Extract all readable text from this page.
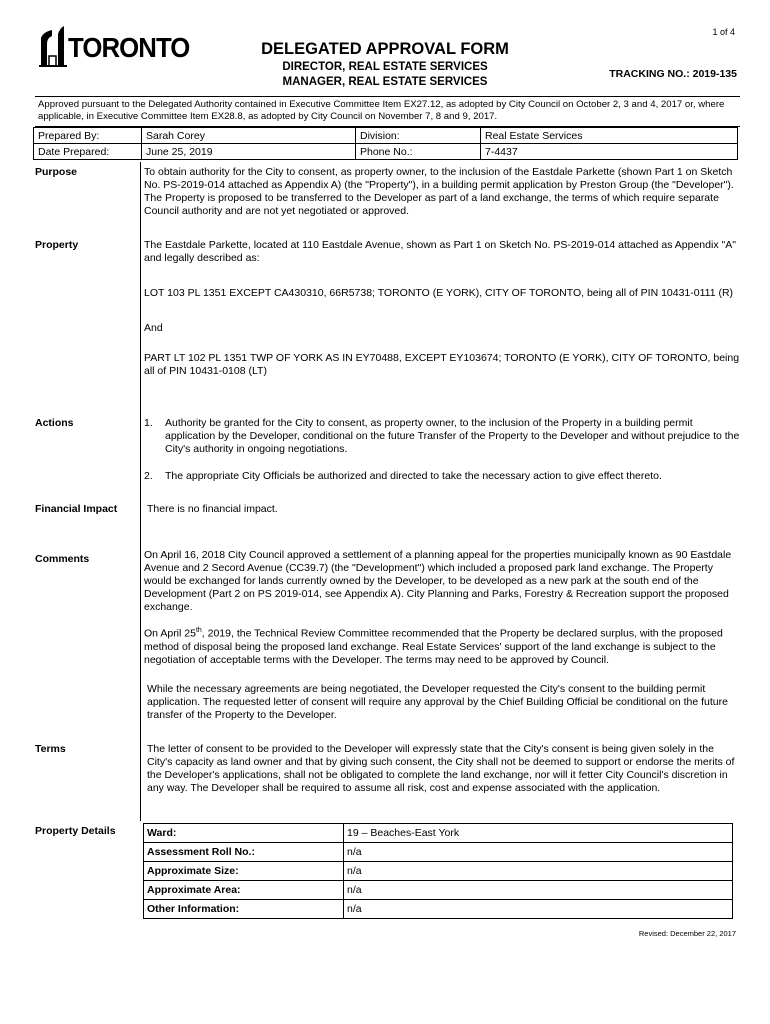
1 of 4
TORONTO	DELEGATED APPROVAL FORM
DIRECTOR, REAL ESTATE SERVICES
MANAGER, REAL ESTATE SERVICES
TRACKING NO.: 2019-135
Approved pursuant to the Delegated Authority contained in Executive Committee Item EX27.12, as adopted by City Council on October 2, 3 and 4, 2017 or, where applicable, in Executive Committee Item EX28.8, as adopted by City Council on November 7, 8 and 9, 2017.
Prepared By:	Sarah Corey	Division:	Real Estate Services
Date Prepared:	June 25, 2019	Phone No.:	7-4437
Purpose	To obtain authority for the City to consent, as property owner, to the inclusion of the Eastdale Parkette (shown Part 1 on Sketch No. PS-2019-014 attached as Appendix A) (the "Property"), in a building permit application by Preston Group (the "Developer"). The Property is proposed to be transferred to the Developer as part of a land exchange, the terms of which require separate Council authority and are not yet negotiated or approved.
Property	The Eastdale Parkette, located at 110 Eastdale Avenue, shown as Part 1 on Sketch No. PS-2019-014 attached as Appendix "A" and legally described as:

LOT 103 PL 1351 EXCEPT CA430310, 66R5738; TORONTO (E YORK), CITY OF TORONTO, being all of PIN 10431-0111 (R)

And

PART LT 102 PL 1351 TWP OF YORK AS IN EY70488, EXCEPT EY103674; TORONTO (E YORK), CITY OF TORONTO, being all of PIN 10431-0108 (LT)

Actions	1.	Authority be granted for the City to consent, as property owner, to the inclusion of the Property in a building permit application by the Developer, conditional on the future Transfer of the Property to the Developer and without prejudice to the City's authority in ongoing negotiations.
2.	The appropriate City Officials be authorized and directed to take the necessary action to give effect thereto.
Financial Impact	There is no financial impact.
Comments	On April 16, 2018 City Council approved a settlement of a planning appeal for the properties municipally known as 90 Eastdale Avenue and 2 Secord Avenue (CC39.7) (the "Development") which included a proposed park land exchange. The Property would be exchanged for lands currently owned by the Developer, to be developed as a new park at the south end of the Development (Part 2 on PS 2019-014, see Appendix A). City Planning and Parks, Forestry & Recreation support the proposed exchange.

On April 25th, 2019, the Technical Review Committee recommended that the Property be declared surplus, with the proposed method of disposal being the proposed land exchange. Real Estate Services' support of the land exchange is subject to the negotiation of acceptable terms with the Developer. The terms may need to be approved by Council.

While the necessary agreements are being negotiated, the Developer requested the City's consent to the building permit application. The requested letter of consent will require any approval by the Chief Building Official be conditional on the future transfer of the Property to the Developer.

Terms	The letter of consent to be provided to the Developer will expressly state that the City's consent is being given solely in the City's capacity as land owner and that by giving such consent, the City shall not be deemed to support or endorse the merits of the Developer's applications, shall not be obligated to complete the land exchange, nor will it fetter City Council's discretion in any way. The Developer shall be required to assume all risk, cost and expense associated with the application.
Property Details	Ward:	19 – Beaches-East York
Assessment Roll No.:	n/a
Approximate Size:	n/a
Approximate Area:	n/a
Other Information:	n/a
Revised: December 22, 2017
